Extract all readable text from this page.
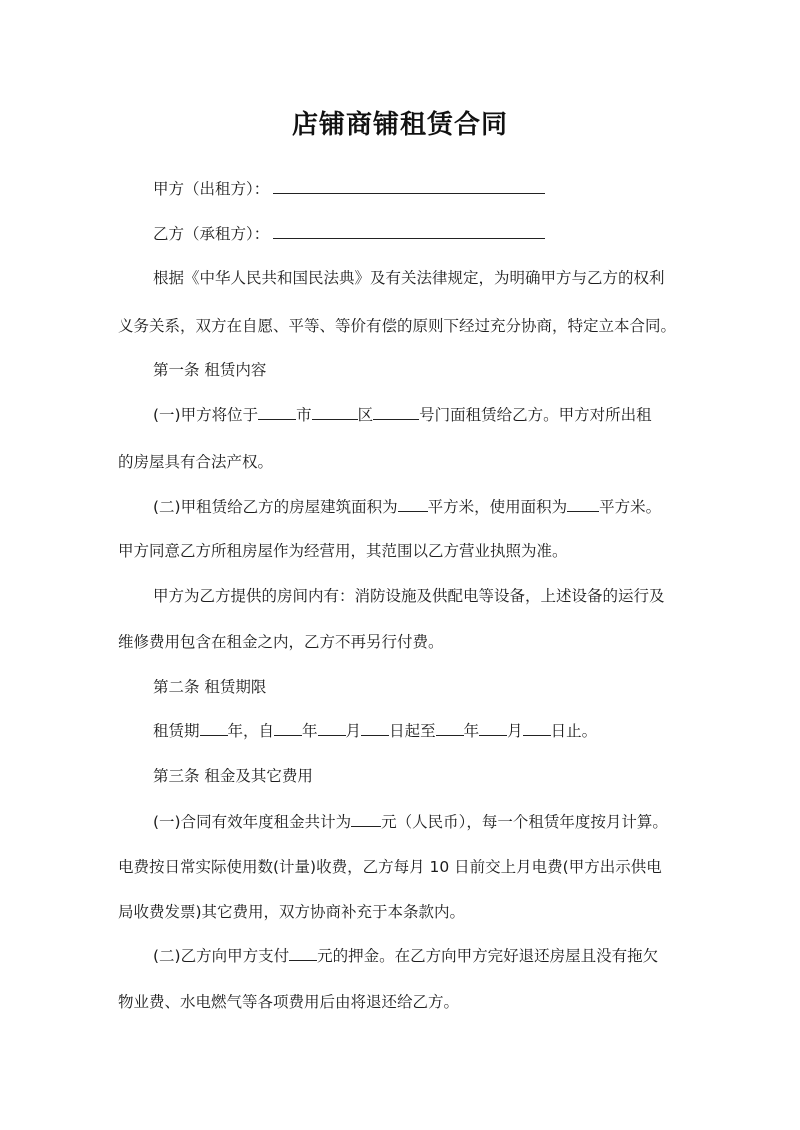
店铺商铺租赁合同
甲方（出租方）：
乙方（承租方）：
根据《中华人民共和国民法典》及有关法律规定，为明确甲方与乙方的权利
义务关系，双方在自愿、平等、等价有偿的原则下经过充分协商，特定立本合同。
第一条 租赁内容
(一)甲方将位于 市	区	号门面租赁给乙方。甲方对所出租
的房屋具有合法产权。
(二)甲租赁给乙方的房屋建筑面积为 平方米，使用面积为 平方米。
甲方同意乙方所租房屋作为经营用，其范围以乙方营业执照为准。
甲方为乙方提供的房间内有：消防设施及供配电等设备，上述设备的运行及
维修费用包含在租金之内，乙方不再另行付费。
第二条 租赁期限
租赁期 年，自 年 月 日起至 年 月 日止。
第三条 租金及其它费用
(一)合同有效年度租金共计为 元（人民币），每一个租赁年度按月计算。
电费按日常实际使用数(计量)收费，乙方每月 10 日前交上月电费(甲方出示供电
局收费发票)其它费用，双方协商补充于本条款内。
(二)乙方向甲方支付 元的押金。在乙方向甲方完好退还房屋且没有拖欠
物业费、水电燃气等各项费用后由将退还给乙方。
